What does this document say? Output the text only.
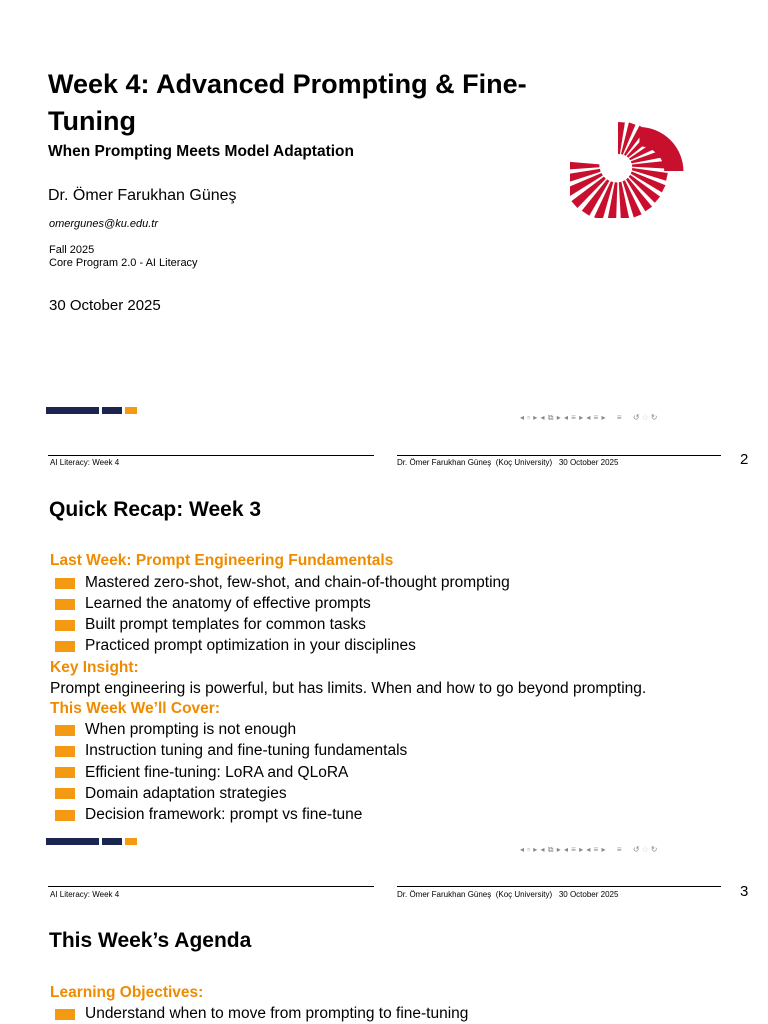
Week 4: Advanced Prompting & Fine-Tuning
When Prompting Meets Model Adaptation
Dr. Ömer Farukhan Güneş
omergunes@ku.edu.tr
Fall 2025
Core Program 2.0 - AI Literacy
30 October 2025
◂ ▫ ▸ ◂ ⧉ ▸ ◂ ≡ ▸ ◂ ≡ ▸    ≡    ↺ ◌ ↻
AI Literacy: Week 4	Dr. Ömer Farukhan Güneş  (Koç University)   30 October 2025	2
Quick Recap: Week 3
Last Week: Prompt Engineering Fundamentals
Mastered zero-shot, few-shot, and chain-of-thought prompting
Learned the anatomy of effective prompts
Built prompt templates for common tasks
Practiced prompt optimization in your disciplines
Key Insight:
Prompt engineering is powerful, but has limits. When and how to go beyond prompting.
This Week We’ll Cover:
When prompting is not enough
Instruction tuning and fine-tuning fundamentals
Efficient fine-tuning: LoRA and QLoRA
Domain adaptation strategies
Decision framework: prompt vs fine-tune
◂ ▫ ▸ ◂ ⧉ ▸ ◂ ≡ ▸ ◂ ≡ ▸    ≡    ↺ ◌ ↻
AI Literacy: Week 4	Dr. Ömer Farukhan Güneş  (Koç University)   30 October 2025	3
This Week’s Agenda
Learning Objectives:
Understand when to move from prompting to fine-tuning
